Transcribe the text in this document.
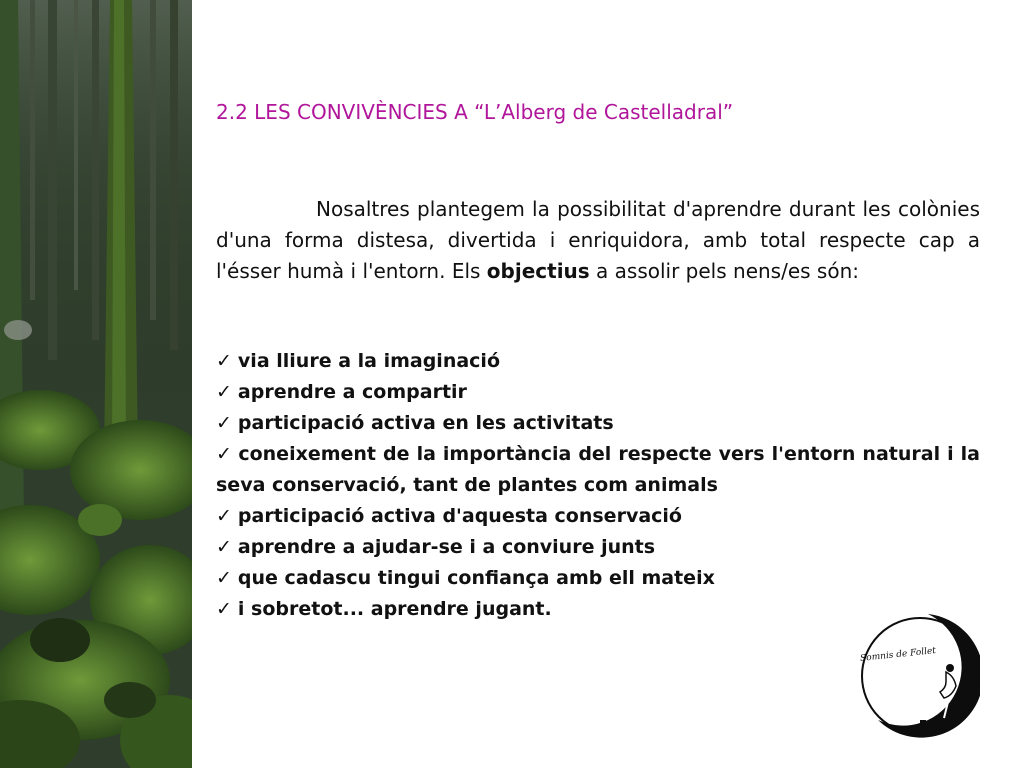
2.2 LES CONVIVÈNCIES A “L’Alberg de Castelladral”

Nosaltres plantegem la possibilitat d'aprendre durant les colònies d'una forma distesa, divertida i enriquidora, amb total respecte cap a l'ésser humà i l'entorn. Els objectius a assolir pels nens/es són:

✓ via lliure a la imaginació
✓ aprendre a compartir
✓ participació activa en les activitats
✓ coneixement de la importància del respecte vers l'entorn natural i la seva conservació, tant de plantes com animals
✓ participació activa d'aquesta conservació
✓ aprendre a ajudar-se i a conviure junts
✓ que cadascu tingui confiança amb ell mateix
✓ i sobretot... aprendre jugant.
Somnis de Follet
